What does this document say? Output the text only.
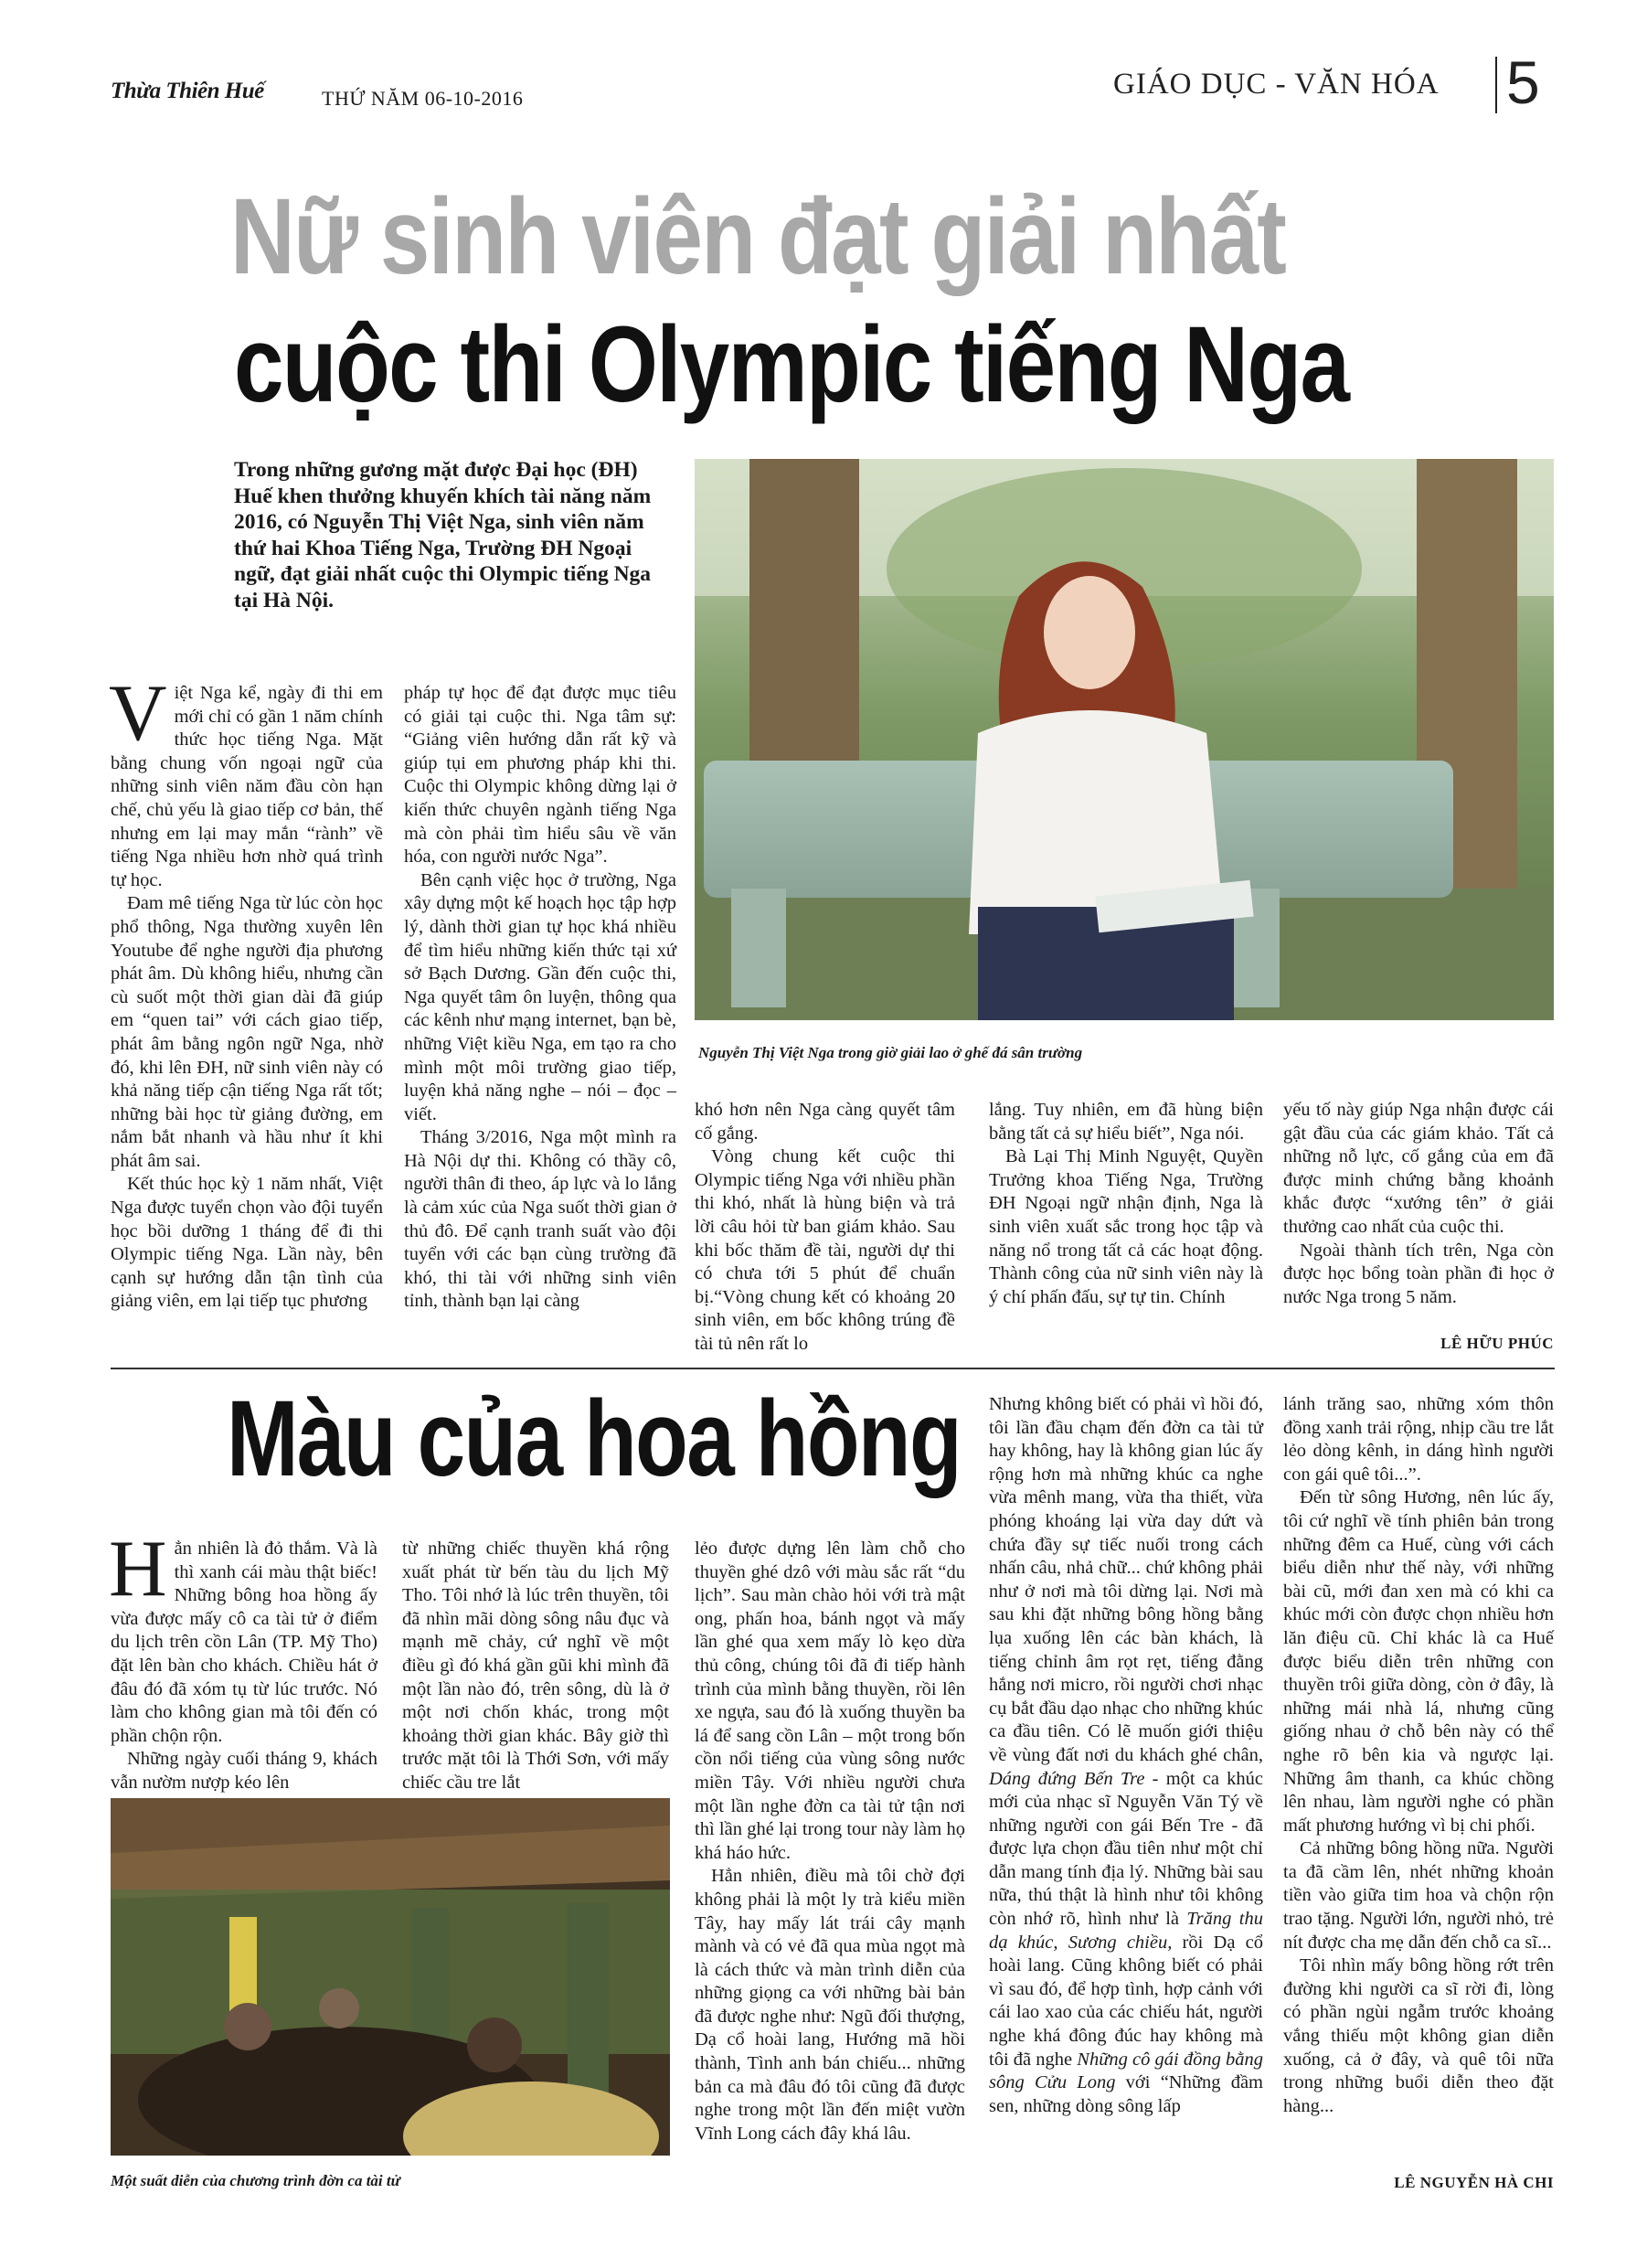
Thừa Thiên Huế	THỨ NĂM 06-10-2016	GIÁO DỤC - VĂN HÓA 5
Nữ sinh viên đạt giải nhất
cuộc thi Olympic tiếng Nga
Trong những gương mặt được Đại học (ĐH) Huế khen thưởng khuyến khích tài năng năm 2016, có Nguyễn Thị Việt Nga, sinh viên năm thứ hai Khoa Tiếng Nga, Trường ĐH Ngoại ngữ, đạt giải nhất cuộc thi Olympic tiếng Nga tại Hà Nội.
Nguyễn Thị Việt Nga trong giờ giải lao ở ghế đá sân trường

Việt Nga kể, ngày đi thi em mới chỉ có gần 1 năm chính thức học tiếng Nga. Mặt bằng chung vốn ngoại ngữ của những sinh viên năm đầu còn hạn chế, chủ yếu là giao tiếp cơ bản, thế nhưng em lại may mắn “rành” về tiếng Nga nhiều hơn nhờ quá trình tự học.

Đam mê tiếng Nga từ lúc còn học phổ thông, Nga thường xuyên lên Youtube để nghe người địa phương phát âm. Dù không hiểu, nhưng cần cù suốt một thời gian dài đã giúp em “quen tai” với cách giao tiếp, phát âm bằng ngôn ngữ Nga, nhờ đó, khi lên ĐH, nữ sinh viên này có khả năng tiếp cận tiếng Nga rất tốt; những bài học từ giảng đường, em nắm bắt nhanh và hầu như ít khi phát âm sai.

Kết thúc học kỳ 1 năm nhất, Việt Nga được tuyển chọn vào đội tuyển học bồi dưỡng 1 tháng để đi thi Olympic tiếng Nga. Lần này, bên cạnh sự hướng dẫn tận tình của giảng viên, em lại tiếp tục phương

pháp tự học để đạt được mục tiêu có giải tại cuộc thi. Nga tâm sự: “Giảng viên hướng dẫn rất kỹ và giúp tụi em phương pháp khi thi. Cuộc thi Olympic không dừng lại ở kiến thức chuyên ngành tiếng Nga mà còn phải tìm hiểu sâu về văn hóa, con người nước Nga”.

Bên cạnh việc học ở trường, Nga xây dựng một kế hoạch học tập hợp lý, dành thời gian tự học khá nhiều để tìm hiểu những kiến thức tại xứ sở Bạch Dương. Gần đến cuộc thi, Nga quyết tâm ôn luyện, thông qua các kênh như mạng internet, bạn bè, những Việt kiều Nga, em tạo ra cho mình một môi trường giao tiếp, luyện khả năng nghe – nói – đọc – viết.

Tháng 3/2016, Nga một mình ra Hà Nội dự thi. Không có thầy cô, người thân đi theo, áp lực và lo lắng là cảm xúc của Nga suốt thời gian ở thủ đô. Để cạnh tranh suất vào đội tuyển với các bạn cùng trường đã khó, thi tài với những sinh viên tỉnh, thành bạn lại càng

khó hơn nên Nga càng quyết tâm cố gắng.

Vòng chung kết cuộc thi Olympic tiếng Nga với nhiều phần thi khó, nhất là hùng biện và trả lời câu hỏi từ ban giám khảo. Sau khi bốc thăm đề tài, người dự thi có chưa tới 5 phút để chuẩn bị.“Vòng chung kết có khoảng 20 sinh viên, em bốc không trúng đề tài tủ nên rất lo

lắng. Tuy nhiên, em đã hùng biện bằng tất cả sự hiểu biết”, Nga nói.

Bà Lại Thị Minh Nguyệt, Quyền Trưởng khoa Tiếng Nga, Trường ĐH Ngoại ngữ nhận định, Nga là sinh viên xuất sắc trong học tập và năng nổ trong tất cả các hoạt động. Thành công của nữ sinh viên này là ý chí phấn đấu, sự tự tin. Chính

yếu tố này giúp Nga nhận được cái gật đầu của các giám khảo. Tất cả những nỗ lực, cố gắng của em đã được minh chứng bằng khoảnh khắc được “xướng tên” ở giải thưởng cao nhất của cuộc thi.

Ngoài thành tích trên, Nga còn được học bổng toàn phần đi học ở nước Nga trong 5 năm.

LÊ HỮU PHÚC
Màu của hoa hồng

Hẳn nhiên là đỏ thắm. Và là thì xanh cái màu thật biếc! Những bông hoa hồng ấy vừa được mấy cô ca tài tử ở điểm du lịch trên cồn Lân (TP. Mỹ Tho) đặt lên bàn cho khách. Chiều hát ở đâu đó đã xóm tụ từ lúc trước. Nó làm cho không gian mà tôi đến có phần chộn rộn.

Những ngày cuối tháng 9, khách vẫn nườm nượp kéo lên

từ những chiếc thuyền khá rộng xuất phát từ bến tàu du lịch Mỹ Tho. Tôi nhớ là lúc trên thuyền, tôi đã nhìn mãi dòng sông nâu đục và mạnh mẽ chảy, cứ nghĩ về một điều gì đó khá gần gũi khi mình đã một lần nào đó, trên sông, dù là ở một nơi chốn khác, trong một khoảng thời gian khác. Bây giờ thì trước mặt tôi là Thới Sơn, với mấy chiếc cầu tre lắt

Một suất diễn của chương trình đờn ca tài tử

lẻo được dựng lên làm chỗ cho thuyền ghé dzô với màu sắc rất “du lịch”. Sau màn chào hỏi với trà mật ong, phấn hoa, bánh ngọt và mấy lần ghé qua xem mấy lò kẹo dừa thủ công, chúng tôi đã đi tiếp hành trình của mình bằng thuyền, rồi lên xe ngựa, sau đó là xuống thuyền ba lá để sang cồn Lân – một trong bốn cồn nổi tiếng của vùng sông nước miền Tây. Với nhiều người chưa một lần nghe đờn ca tài tử tận nơi thì lần ghé lại trong tour này làm họ khá háo hức.

Hẳn nhiên, điều mà tôi chờ đợi không phải là một ly trà kiểu miền Tây, hay mấy lát trái cây mạnh mành và có vẻ đã qua mùa ngọt mà là cách thức và màn trình diễn của những giọng ca với những bài bản đã được nghe như: Ngũ đối thượng, Dạ cổ hoài lang, Hướng mã hồi thành, Tình anh bán chiếu... những bản ca mà đâu đó tôi cũng đã được nghe trong một lần đến miệt vườn Vĩnh Long cách đây khá lâu.

Nhưng không biết có phải vì hồi đó, tôi lần đầu chạm đến đờn ca tài tử hay không, hay là không gian lúc ấy rộng hơn mà những khúc ca nghe vừa mênh mang, vừa tha thiết, vừa phóng khoáng lại vừa day dứt và chứa đầy sự tiếc nuối trong cách nhấn câu, nhả chữ... chứ không phải như ở nơi mà tôi dừng lại. Nơi mà sau khi đặt những bông hồng bằng lụa xuống lên các bàn khách, là tiếng chỉnh âm rọt rẹt, tiếng đằng hắng nơi micro, rồi người chơi nhạc cụ bắt đầu dạo nhạc cho những khúc ca đầu tiên. Có lẽ muốn giới thiệu về vùng đất nơi du khách ghé chân, Dáng đứng Bến Tre - một ca khúc mới của nhạc sĩ Nguyễn Văn Tý về những người con gái Bến Tre - đã được lựa chọn đầu tiên như một chỉ dẫn mang tính địa lý. Những bài sau nữa, thú thật là hình như tôi không còn nhớ rõ, hình như là Trăng thu dạ khúc, Sương chiều, rồi Dạ cổ hoài lang. Cũng không biết có phải vì sau đó, để hợp tình, hợp cảnh với cái lao xao của các chiếu hát, người nghe khá đông đúc hay không mà tôi đã nghe Những cô gái đồng bằng sông Cửu Long với “Những đầm sen, những dòng sông lấp

lánh trăng sao, những xóm thôn đồng xanh trải rộng, nhịp cầu tre lắt lẻo dòng kênh, in dáng hình người con gái quê tôi...”.

Đến từ sông Hương, nên lúc ấy, tôi cứ nghĩ về tính phiên bản trong những đêm ca Huế, cùng với cách biểu diễn như thế này, với những bài cũ, mới đan xen mà có khi ca khúc mới còn được chọn nhiều hơn lăn điệu cũ. Chỉ khác là ca Huế được biểu diễn trên những con thuyền trôi giữa dòng, còn ở đây, là những mái nhà lá, nhưng cũng giống nhau ở chỗ bên này có thể nghe rõ bên kia và ngược lại. Những âm thanh, ca khúc chồng lên nhau, làm người nghe có phần mất phương hướng vì bị chi phối.

Cả những bông hồng nữa. Người ta đã cầm lên, nhét những khoản tiền vào giữa tim hoa và chộn rộn trao tặng. Người lớn, người nhỏ, trẻ nít được cha mẹ dẫn đến chỗ ca sĩ...

Tôi nhìn mấy bông hồng rớt trên đường khi người ca sĩ rời đi, lòng có phần ngùi ngẫm trước khoảng vắng thiếu một không gian diễn xuống, cả ở đây, và quê tôi nữa trong những buổi diễn theo đặt hàng...

LÊ NGUYỄN HÀ CHI
